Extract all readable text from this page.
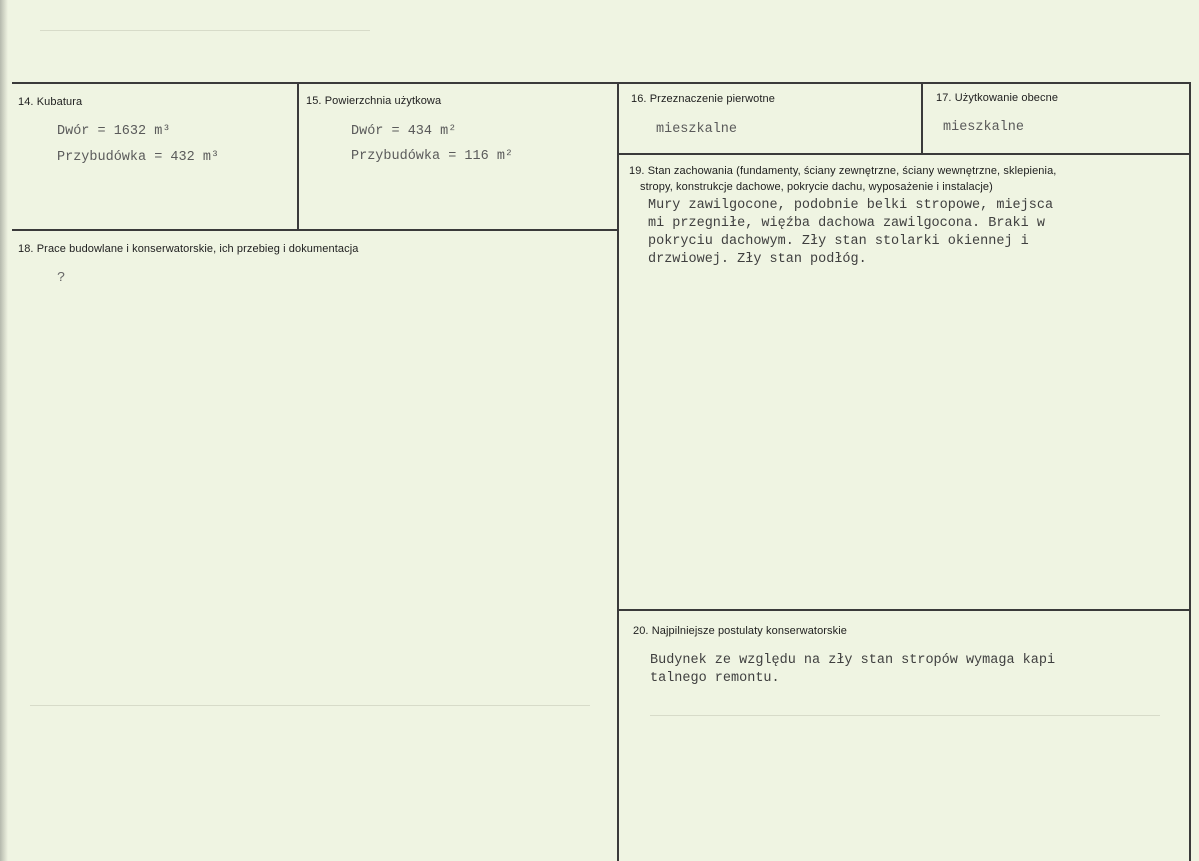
14. Kubatura
Dwór = 1632 m³
Przybudówka = 432 m³
15. Powierzchnia użytkowa
Dwór = 434 m²
Przybudówka = 116 m²
16. Przeznaczenie pierwotne
mieszkalne
17. Użytkowanie obecne
mieszkalne
18. Prace budowlane i konserwatorskie, ich przebieg i dokumentacja
?
19. Stan zachowania (fundamenty, ściany zewnętrzne, ściany wewnętrzne, sklepienia,
stropy, konstrukcje dachowe, pokrycie dachu, wyposażenie i instalacje)
Mury zawilgocone, podobnie belki stropowe, miejsca
mi przegniłe, więźba dachowa zawilgocona. Braki w
pokryciu dachowym. Zły stan stolarki okiennej i
drzwiowej. Zły stan podłóg.
20. Najpilniejsze postulaty konserwatorskie
Budynek ze względu na zły stan stropów wymaga kapi
talnego remontu.
